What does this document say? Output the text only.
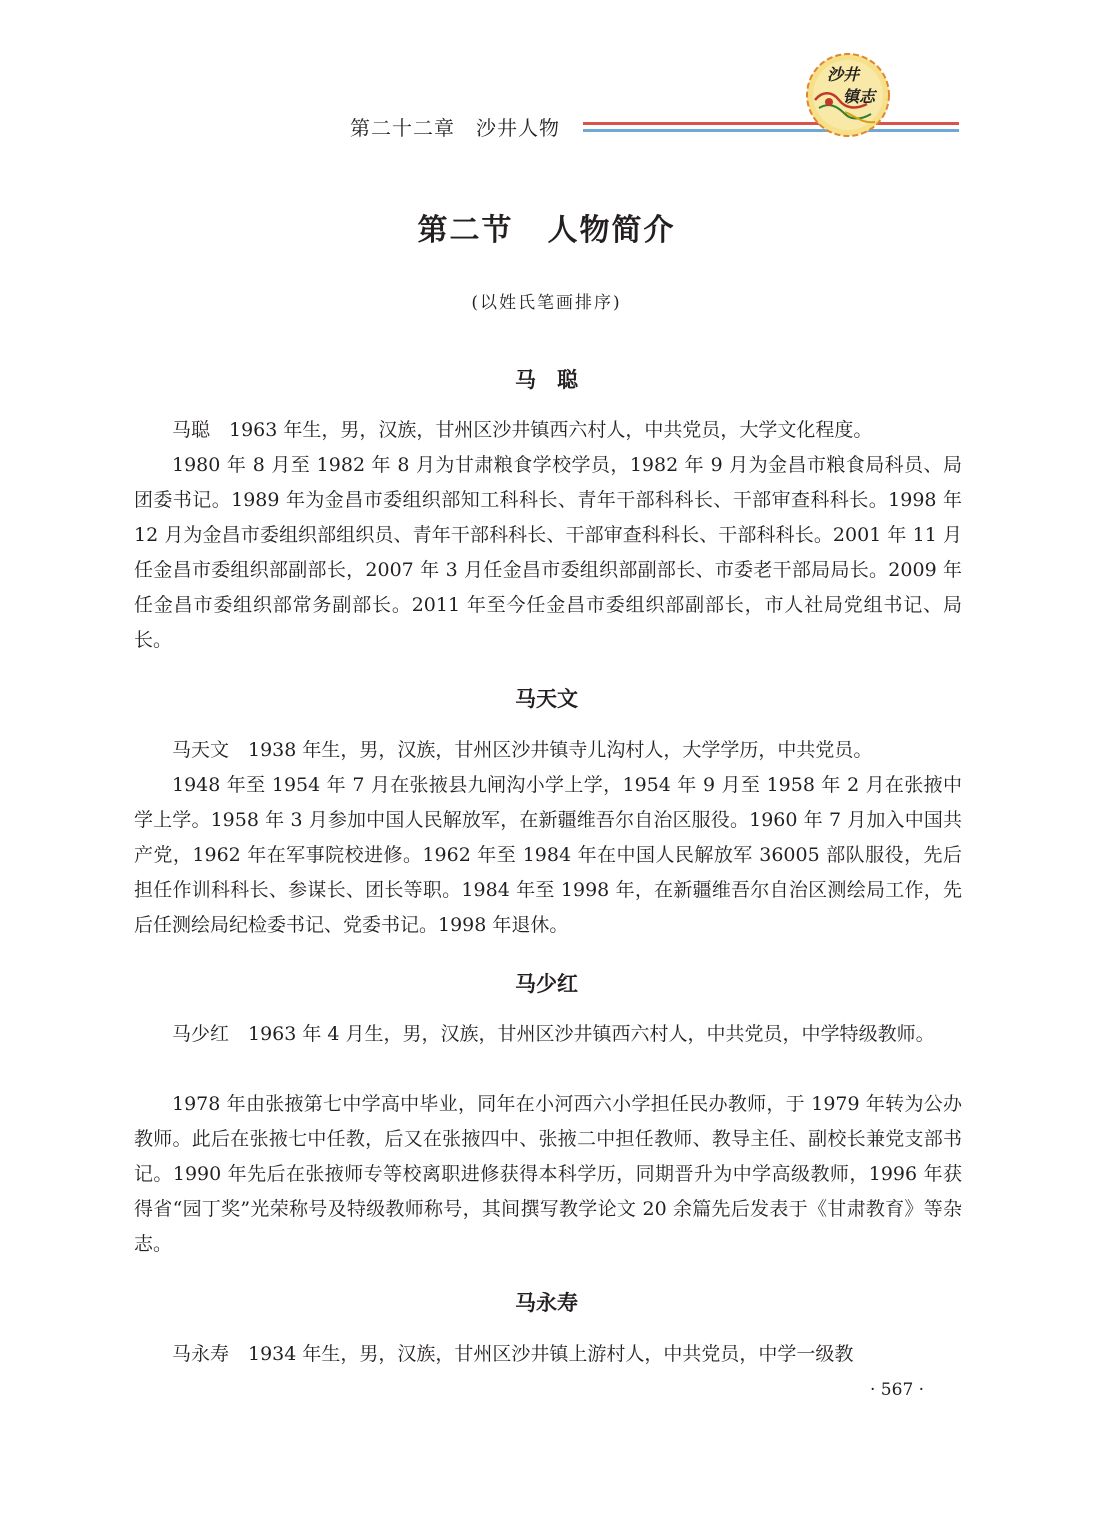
第二十二章　沙井人物
沙井
镇志
第二节 人物简介
(以姓氏笔画排序)
马　聪

马聪　1963 年生，男，汉族，甘州区沙井镇西六村人，中共党员，大学文化程度。

1980 年 8 月至 1982 年 8 月为甘肃粮食学校学员，1982 年 9 月为金昌市粮食局科员、局团委书记。1989 年为金昌市委组织部知工科科长、青年干部科科长、干部审查科科长。1998 年 12 月为金昌市委组织部组织员、青年干部科科长、干部审查科科长、干部科科长。2001 年 11 月任金昌市委组织部副部长，2007 年 3 月任金昌市委组织部副部长、市委老干部局局长。2009 年任金昌市委组织部常务副部长。2011 年至今任金昌市委组织部副部长，市人社局党组书记、局长。

马天文

马天文　1938 年生，男，汉族，甘州区沙井镇寺儿沟村人，大学学历，中共党员。

1948 年至 1954 年 7 月在张掖县九闸沟小学上学，1954 年 9 月至 1958 年 2 月在张掖中学上学。1958 年 3 月参加中国人民解放军，在新疆维吾尔自治区服役。1960 年 7 月加入中国共产党，1962 年在军事院校进修。1962 年至 1984 年在中国人民解放军 36005 部队服役，先后担任作训科科长、参谋长、团长等职。1984 年至 1998 年，在新疆维吾尔自治区测绘局工作，先后任测绘局纪检委书记、党委书记。1998 年退休。

马少红

马少红　1963 年 4 月生，男，汉族，甘州区沙井镇西六村人，中共党员，中学特级教师。

1978 年由张掖第七中学高中毕业，同年在小河西六小学担任民办教师，于 1979 年转为公办教师。此后在张掖七中任教，后又在张掖四中、张掖二中担任教师、教导主任、副校长兼党支部书记。1990 年先后在张掖师专等校离职进修获得本科学历，同期晋升为中学高级教师，1996 年获得省“园丁奖”光荣称号及特级教师称号，其间撰写教学论文 20 余篇先后发表于《甘肃教育》等杂志。

马永寿

马永寿　1934 年生，男，汉族，甘州区沙井镇上游村人，中共党员，中学一级教

· 567 ·
